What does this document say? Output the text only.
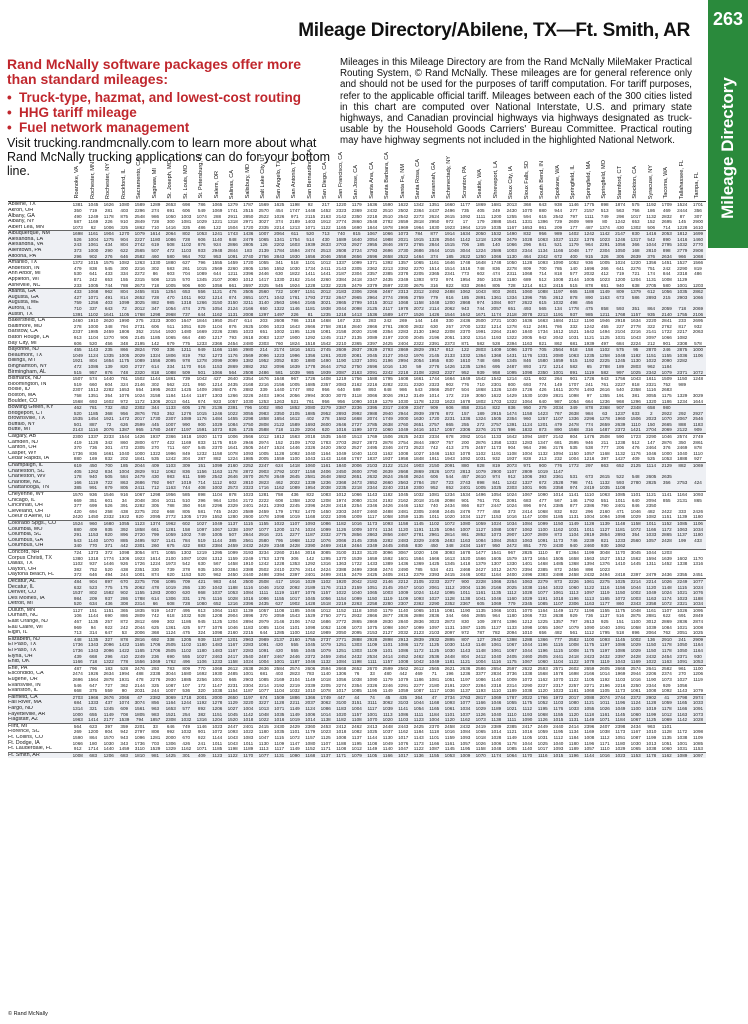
Mileage Directory/Abilene, TX—Ft. Smith, AR
263
Mileage Directory

Rand McNally software packages offer more than standard mileages:

• Truck-type, hazmat, and lowest-cost routing
• HHG tariff mileage
• Fuel network management
Visit trucking.randmcnally.com to learn more about what Rand McNally trucking applications can do for your bottom line.
Mileages in this Mileage Directory are from the Rand McNally MileMaker Practical Routing System, © Rand McNally. These mileages are for general reference only and should not be used for the purposes of tariff computation. For tariff purposes, refer to the applicable official tariff. Mileages between each of the 300 cities listed in this chart are computed over National Interstate, U.S. and primary state highways, and Canadian provincial highways via highways designated as truck-usable by the Household Goods Carriers' Bureau Committee. Practical routing may have highway segments not included in the highlighted National Network.
	Roanoke, VA	Rochester, MN	Rochester, NY	Rockford, IL	Sacramento, CA	Saginaw, MI	St. Joseph, MO	St. Louis, MO	St. Petersburg, FL	Salem, OR	Salinas, CA	Salisbury, MD	Salt Lake City, UT	San Angelo, TX	San Antonio, TX	San Bernardino, CA	San Diego, CA	San Francisco, CA	San Jose, CA	Santa Ana, CA	Santa Barbara, CA	Santa Fe, NM	Santa Rosa, CA	Savannah, GA	Schenectady, NY	Scranton, PA	Seattle, WA	Shreveport, LA	Sioux City, IA	Sioux Falls, SD	South Bend, IN	Spokane, WA	Springfield, IL	Springfield, MA	Springfield, MO	Stamford, CT	Stockton, CA	Syracuse, NY	Tacoma, WA	Tallahassee, FL	Tampa, FL
Abilene, TX	1381	1045	1626	1080	1589	1289	2653	698	786	1065	1279	1787	1569	1625	1198	92	217	1220	1179	1636	1590	1622	1342	1351	1660	1177	1869	1681	2013	368	643	938	1146	1775	898	1874	575	1192	1709	1524	1701
Akron, OH	350	719	281	403	2296	274	691	606	549	1069	1741	2515	2570	454	1747	1448	1452	2323	2369	2432	2510	2502	2364	2437	2496	735	405	249	2430	1070	880	944	277	2157	513	563	756	186	469	2444	356
Albany, GA	490	1249	1178	875	2548	986	1050	1003	1074	288	2911	2850	2522	1026	971	2115	2163	2142	2350	2218	2510	2542	2273	2624	2615	1092	1111	1200	1255	594	615	2542	797	1111	749	298	1017	1132	2832	87	307
Albany, NY	587	1169	226	910	2849	728	300	1081	1029	1221	1318	2971	3027	374	2189	1403	1912	2774	2860	2548	2782	2659	2818	2950	972	17	179	2888	1541	1331	1396	729	2609	989	80	1242	653	152	2695	145	2900
Albert Lea, MN	1073	62	1006	325	1862	710	1416	325	486	122	1504	1720	2335	2214	1213	1071	1122	1165	1690	1844	1978	1969	1964	1830	1923	1964	1219	1035	1167	1653	861	209	177	487	1374	430	1302	506	714	1228	1610
Albuquerque, NM	1698	1161	1904	1270	1079	1614	2064	802	1053	1241	1743	1436	1007	2064	611	520	713	740	815	1067	1066	1073	784	877	1914	1634	2050	1532	1490	832	956	989	1402	1242	1142	2147	830	1416	2053	1812	1699
Alexandria, LA	526	1004	1275	904	2227	1180	1086	728	606	1140	848	2479	1065	1341	1754	514	430	1689	1640	2054	1988	2021	1915	1326	2504	1142	1218	1208	2479	1028	1063	1027	1122	1376	1023	1246	1317	542	890	1416	1460
Alexandria, VA	243	1061	434	804	2742	619	508	1102	876	924	2866	2805	126	2202	1603	1939	2633	2703	2927	2955	2846	2672	2765	2844	1515	706	185	140	1066	296	841	521	1179	964	2291	1056	366	1044	2795	1032	2770
Allentown, PA	373	1000	290	622	2565	507	472	1103	933	2948	2844	183	2139	1784	1594	2474	2513	2608	2724	2793	2696	2730	2686	2644	1015	3044	1224	2586	1003	2344	1134	1166	1048	177	2304	1050	168	2810	898	2779	2908
Altoona, PA	296	902	276	646	2582	460	580	964	702	953	1091	2740	2756	2843	1930	1656	2046	2558	2656	2696	2658	2522	1464	374	185	2622	1250	1066	1130	464	2342	672	400	915	326	305	2639	376	2634	966	1068
Amarillo, TX	1372	1015	1575	1082	1263	1330	1880	627	796	1555	1459	1720	1055	341	518	1101	1012	1337	1099	1371	1392	1357	1065	1161	1646	1748	1648	1748	1050	1128	1093	1090	1052	936	1005	1024	1220	1356	1451	1527	1566
Anderson, IN	479	838	545	300	2216	302	583	261	1015	2569	2260	2805	1256	1552	1030	1734	2411	2143	2305	2362	2213	2392	2270	1514	1514	1516	748	836	2278	809	700	785	140	1696	266	641	2276	751	242	2290	819
Ann Arbor, MI	530	641	433	334	2272	86	603	704	1089	644	1211	2396	2446	630	1822	1411	1441	2187	2304	2357	2385	2378	2205	2365	2341	773	602	474	2311	1068	714	818	577	2032	412	719	721	174	844	2318	486
Appleton, WI	871	242	653	155	2315	508	1215	570	1345	2107	2080	1012	1417	1330	2162	2144	2260	2384	2418	2347	2435	2349	1393	972	974	1954	350	1026	1180	689	512	1008	2144	1005	1023	1200	1204	1131	1008	1129	
Asheville, NC	233	1005	744	788	2673	718	1005	906	600	1056	661	2697	2325	545	1924	1228	1232	2225	2479	2379	2597	2230	2675	316	822	833	2694	805	728	1214	613	2415	515	878	651	940	638	2705	580	1001	1203
Atlanta, GA	433	1068	962	804	2455	815	1254	653	556	1121	476	2505	2560	722	1097	1151	2012	2183	2306	2266	2467	2313	2312	2492	2488	1062	1043	803	2601	1060	1088	1197	665	1188	1149	809	1379	612	1056	1035	2862
Augusta, GA	427	1071	491	814	2652	728	470	1011	902	1214	874	2651	1071	1042	1761	1793	2732	2647	2965	2964	2774	2995	2759	779	816	185	2891	1361	1334	1396	755	2612	878	890	1163	673	586	2893	215	2903	1066
Augusta, ME	759	1256	403	1099	3025	882	985	1318	1266	3150	3150	3211	3140	2563	1964	2165	3021	2865	2799	1015	3012	1068	1158	1048	1200	2868	974	1084	807	2622	615	1032	498	456							
Aurora, IL	710	337	643	72	2012	347	1054	474	275	1054	2124	2166	650	1322	1146	1181	1938	2044	2098	2125	2117	1978	2072	2114	2062	943	744	2057	651	493	565	134	1778	475	858	593	351	864	2059	718	2069
Austin, TX	1391	1102	1641	1105	1768	1298	2968	737	644	1162	1131	2008	1297	1497	226	81	1235	1218	1413	1536	1589	1477	1526	1426	1544	1642	1671	1174	2118	3078	2213	1191	937	985	1211	1768	1157	935	2140	1755	2106
Bakersfield, CA	2460	1910	2620	1990	275	2323	3000	1647	1844	1950	2547	614	203	2608	786	1318	1468	167	233	283	242	269	144	148	330	2436	2500	2721	1030	1636	1663	1684	2112	1190	1946	2918	1634	2220	2841	233	2695
Baltimore, MD	278	1000	348	794	2731	606	511	1051	829	1104	876	2625	1006	1023	1643	2666	2758	2818	2840	2866	2761	2800	2832	630	257	2700	1232	1214	1278	612	2491	786	332	1242	455	227	2778	322	2762	817	932
Barstow, CA	2337	1985	2459	1806	352	2154	1920	1480	1669	2226	2365	1023	651	1002	1195	1126	1081	2158	2020	2198	2354	2283	2130	1962	2208	2370	1991	2264	2160	1840	1734	1612	1521	1642	1494	2104	2216	2141	1722	2217	2063
Baton Rouge, LA	913	1104	1270	906	2145	1185	1065	664	480	1217	793	2618	2083	1237	1900	1292	1245	2117	2135	2089	2197	2200	2045	2196	2051	1302	1314	1193	1322	2005	942	2042	1031	1121	1125	1031	1043	2097	1066	1082	
Bay City, MI	606	520	456	348	2195	142	679	775	1233	2366	2454	2480	2303	760	1824	1518	1542	2210	2365	2397	2425	2404	2322	2391	2373	871	582	528	2394	1163	821	862	681	1939	497	684	2224	212	901	2308	578
Bayonne, NJ	455	1143	235	866	2824	700	336	1211	949	1166	1166	2980	214	2174	1816	1621	2745	2609	2937	2929	2793	2869	2829	2917	812	122	2803	1409	1096	1370	705	2564	918	158	1102	575	95	2870	246	2875	1000
Beaumont, TX	1049	1124	1335	1005	2029	1324	1806	819	752	1273	1176	2569	2096	1223	1996	1356	1261	2020	2081	2045	2127	2042	1976	2145	2133	1332	1354	1368	1431	1176	1331	2080	1063	1235	1258	1048	1182	1151	1155	1036	1106
Billings, MT	1921	804	1654	1175	1089	1556	2095	978	1278	2099	2099	1382	1952	2052	830	1880	1490	1190	1337	1091	2196	2994	2054	1955	830	1610	748	686	1345	846	1580	1659	515	1192	2225	1245	1130	1022	2090	2282	
Binghamton, NY	472	1086	139	820	2727	614	334	1170	916	1153	2869	2882	252	2096	1639	1778	2644	2752	2750	2696	1016	130	59	2776	1426	1235	1294	695	2487	893	172	1214	582	65	2788	189	2803	962	1184		
Birmingham, AL	515	957	876	748	2320	818	1088	509	501	1066	564	2508	2486	581	1039	985	1939	2087	2163	2091	2242	2218	2108	2283	2327	952	939	958	1095	1098	2350	1001	891	1119	582	997	1025	2342	1079	2371	1072
Bismarck, ND	1507	574	1440	761	1502	1144	1861	739	1042	427	2640	2354	1676	1648	967	1726	1408	1219	1756	1588	1795	1608	1661	1744	1664	1849	1542	1542	1214	421	602	264	901	1726	943	1756	1043	1611	1509	1150	1248
Bloomington, IN	519	660	604	324	2146	302	562	221	950	1214	2435	2168	2216	2156	1005	1685	2357	2083	2162	2216	2282	2231	2320	2323	902	776	710	2301	800	693	774	149	1707	241	761	2227	818	2321	752	989	
Boise, ID	2307	1513	2282	1653	554	1995	2633	1425	1409	2683	476	2882	339	1440	1747	892	956	640	589	893	848	986	543	2666	2507	504	1868	1326	1249	1726	426	1611	2078	1493	2616	540	2358	1116	2683		
Boston, MA	758	1351	354	1076	1024	3158	1184	1144	1187	1303	1266	3226	2403	1904	2056	2994	3030	3070	3118	3066	3026	2912	3149	1014	172	219	3050	1622	1429	1530	1039	2821	1098	97	1355	191	381	3055	1175	1329	3029
Boulder, CO	1568	693	1602	972	1172	1306	2013	641	674	923	1057	1030	1253	1263	521	761	956	956	1090	1019	1279	1030	1178	1233	1623	1678	1802	1703	1322	1064	640	987	1054	664	1236	968	1296	1320	1186	1234	1644
Bowling Green, KY	462	781	732	452	2302	344	1133	605	178	2136	2391	796	1002	850	1852	2080	2279	2387	2236	2395	2317	2409	2347	909	606	858	2314	822	836	950	279	2034	349	878	2368	907	2348	658	980		
Bridgeport, CT	520	1185	368	956	2876	763	352	1276	1015	1246	1022	3055	2983	2350	2105	1885	2952	2893	2992	2988	2940	2944	2939	2976	872	157	189	2915	1474	1158	1423	767	2638	984	63	1237	633	2	2922	292	2927
Brownsville, TX	1535	1454	1921	1472	2017	1730	2307	1089	1176	1484	1455	2298	1858	1654	1612	402	278	1582	1668	2074	1749	2000	1630	1720	2231	1336	1324	1505	2354	960	1257	1107	1336	2296	1278	1960	1506	2023	1070	2067	2546
Buffalo, NY	501	887	72	626	2599	445	1007	990	900	1029	1084	2750	2808	2122	1589	1693	2600	2646	2727	2785	2638	2760	2651	2757	865	255	272	2757	1391	1124	1201	479	2478	774	2659	2639	1110	150	2665	888	1183
Butte, MT	2143	1116	2076	1387	955	1780	2487	1197	1591	1073	826	1725	2588	718	1129	2204	620	1016	1199	1072	1060	1049	2416	1017	1057	2306	2276	2178	596	1832	873	890	1568	316	1487	2372	1421	2704	2069	2122	909
Calgary, AB	2300	1337	2233	1544	1426	1937	2366	1618	1920	1173	1006	2566	1012	1812	1563	2018	1535	1640	1513	1769	1506	2625	2433	2334	678	2082	1014	1133	1642	1094	1807	2142	804	1476	2508	590	1723	2290	1046	2574	2749
Camden, NJ	419	1126	342	860	2800	677	422	1169	833	1175	819	2946	2974	152	2109	1702	1783	2703	2827	2873	2878	2754	2844	2807	757	200	2876	1358	1333	1283	1347	681	2595	946	211	1238	512	147	2876	350	2861
Canton, OH	370	736	301	473	2305	270	711	607	545	2370	1641	2505	2447	1524	1446	2326	2420	2502	2527	2495	2346	2473	2523	742	413	275	2457	1173	904	964	296	2176	535	538	777	206	476	2464	376	2469	878
Casper, WY	1736	836	1661	1040	1000	1322	1996	849	1232	1158	1078	1093	1005	1128	1092	1040	1164	1049	1040	1103	1162	1008	1027	1046	1153	1078	1102	1191	1108	1004	1132	1094	1150	1057	1168	1132	1176	1046	1000	1040	1110
Cedar Rapids, IA	880	169	832	202	1841	535	1242	304	287	882	1224	1985	2005	1559	1100	1043	1143	1168	1767	1837	1937	1958	1848	1911	1943	1092	1031	932	1937	828	213	232	1004	1216	397	1427	409	525	1053	1888	927
Champaign, IL	619	450	700	185	2044	409	1103	309	151	1099	2160	2252	2247	624	1418	1060	1161	1840	2006	2103	2122	2124	1903	2150	2091	880	828	819	2073	971	900	776	1772	297	863	652	2125	1114	2129	882	1069
Charleston, SC	405	1262	834	1004	2829	912	1062	836	1156	1163	1178	2872	2903	2792	1037	1158	2406	2450	2600	2790	2639	2668	2869	2826	1073	2813	1079	2900	1107	2809	1019	1147									
Charleston, WV	178	940	505	584	2479	430	983	611	599	2542	2646	2670	2678	2649	2645	2581	2648	2682	2651	2632	2624	2648	2624	606	544	457	2610	974	912	1006	393	2361	531	673	2615	522	548	2605	2635		
Charlotte, NC	166	1119	722	863	2686	792	967	1019	714	1112	602	2810	2823	462	2022	1339	1236	2368	2473	2652	2660	2563	2784	257	723	2743	898	841	1242	1327	672	2528	798	741	1132	593	2780	2825	356	2753	424
Chattanooga, TN	385	991	879	805	2411	712	1163	744	408	1002	2573	2323	1716	1162	1089	1954	2038	2235	2218	2344	2240	2318	2300	952	852	2401	1005	1025	2303	1001	905	2358	974	2419	1035	1108					
Cheyenne, WY	1570	936	1546	916	1067	1298	1956	585	898	1104	878	1023	1281	758	436	822	1083	1012	1066	1143	1182	1045	1032	1081	1234	1534	1496	1054	1024	1067	1090	1014	1141	1110	1063	1085	1101	1121	1141	1164	1093
Chicago, IL	669	351	601	34	2048	304	1011	510	296	964	1204	2172	2222	608	1358	1202	1208	1974	2080	2134	2192	2162	2018	2146	2098	901	761	701	2091	683	477	567	146	1792	551	1011	640	2094	855	2131	865
Cincinnati, OH	377	699	526	391	2282	305	788	350	918	2296	2329	2401	2421	2393	2245	2396	2428	2418	2254	2346	2426	2446	1152	740	2434	866	827	2447	1024	896	974	2385	877	2386	790	2401	846	2350			
Cleveland, OH	420	694	258	438	2275	202	668	805	581	745	2420	2589	2459	179	1792	1470	1450	2303	2407	2460	2488	2481	2305	2468	2445	2476	777	458	373	2414	1068	832	922	296	2160	471	1046	482	2422	333	2426
Coeur d'Alene, ID	2420	1450	2332	1922	820	2095	2772	1305	1729	1552	1280	2600	1078	1098	1019	1168	1022	1095	1009	1117	1058	1059	1135	1011	1020	1034	1127	1153	1016	1147	1008	1185	1131	1004	1094	1098	1029	1082	1151	1139	1180
Colorado Spgs., CO	1524	960	1680	1055	1123	1374	1962	602	1027	1049	1137	1115	1155	1022	1107	1093	1086	1182	1016	1173	1093	1158	1145	1102	1072	1080	1059	1024	1034	1084	1099	1150	1149	1128	1139	1148	1158	1011	1152	1085	1106
Columbia, MO	880	409	935	392	1858	661	1281	158	1097	1067	1238	1097	1077	1200	1174	1024	1099	1126	1009	1074	1134	1120	1191	1125	1094	1007	1127	1088	1057	1062	1100	1162	1031	1011	1127	1181	1072	1166	1172	1063	1034
Columbia, SC	291	1153	820	896	2720	799	1059	1002	749	1005	507	2844	2916	221	2277	1187	2332	2775	2856	2863	2856	2487	2781	2961	2814	861	2852	1073	2907	1207	2809	873	1104	2819	2854	2893	354	1033	2865	1137	1180
Columbus, GA	543	1140	1070	885	2495	927	1141	784	519	1144	385	2561	2580	795	1968	1122	1076	2066	2145	2355	2282	2483	2329	2405	2483	1163	1084	1084	2553	1063	1091	1173	746	2239	821	1233	2560	1057	2428	199	433
Columbus, OH	340	770	371	442	2301	260	675	422	883	2384	2459	2432	2429	2348	2428	2390	2469	2418	2464	2349	2445	2455	830	450	348	2434	1167	950	2472	851	770	2430	940	2460	930	1062					
Concord, NH	724	1373	372	1098	3054	871	1055	1302	1219	1295	1099	3193	3234	2260	2184	3016	3085	3100	3133	3120	3096	3067	1020	108	3093	1678	1477	1541	967	2825	1110	87	1364	1199	3048	1170	3045	1044	1203		
Corpus Christi, TX	1380	1318	1774	1306	1923	1614	2100	1087	1028	1312	1159	2249	1753	1378	306	142	1295	1370	1539	1659	1592	1601	1584	1666	1613	1520	1566	1605	1579	1573	1654	1505	1658	1563	1527	1512	1562	1594	1639	1602	1170
Dallas, TX	1102	937	1446	926	1726	1224	1973	542	630	567	1458	1910	1242	1228	1353	1292	1316	1363	1722	1433	1389	1436	1369	1425	1345	1418	1379	1307	1330	1401	1468	1485	1368	1394	1376	1410	1445	1311	1452	1338	1316
Dayton, OH	382	752	520	438	2351	330	739	378	935	1004	2384	2388	2502	2410	2376	2414	2424	2388	2499	2368	2474	2490	785	534	421	2468	2427	1012	2470	2394	2385	872	2456	898	1023						
Daytona Beach, FL	372	646	494	244	1001	874	620	1153	520	962	2450	2440	2498	2394	2397	2401	2499	2415	2479	2425	2405	2413	2379	2393	2415	2446	1002	1164	2400	2496	2383	2488	2458	2432	2494	2418	2397	2479	2436	2355	2451
Decatur, AL	484	904	897	670	2275	708	1095	709	421	983	444	2500	2508	417	1916	1029	1102	1920	2042	2182	2146	2212	2105	2233	2277	900	2228	1066	2254	1063	2279	873	2226	1061	2275	1025	2214	2214	1026	2249	1077
Decatur, IL	632	523	775	175	2062	478	1019	255	130	1042	1188	1116	1046	2102	2092	2189	1176	2113	2159	1051	2145	2047	1010	2061	1112	2004	1136	2166	2025	1038	1164	1022	1060	1122	1116	1156	1044	1120	1148	1115	1024
Denver, CO	1537	802	1582	902	1155	1283	2000	620	868	1037	1053	1084	1111	1119	1187	1076	1157	1022	1040	1065	1003	1009	1024	1142	1095	1011	1161	1135	1112	1028	1077	1061	1113	1097	1119	1150	1002	1049	1024	1021	1076
Des Moines, IA	984	209	937	286	1788	614	1306	331	176	1116	1028	1016	1086	1155	1017	1045	1056	1154	1099	1150	1119	1109	1093	1027	1128	1138	1041	1046	1160	1029	1191	1018	1196	1113	1165	1072	1003	1163	1174	1023	1188
Detroit, MI	520	634	436	308	2314	66	608	728	1080	652	1216	2396	2435	627	1902	1428	1518	2219	2263	2258	2280	2307	2362	2290	2352	2367	605	1069	779	2345	1085	1107	2306	1163	1177	860	2343	2358	1072	2321	1034
Duluth, MN	1127	151	1151	365	1835	919	1437	495	613	1064	1163	1139	1057	1108	1185	1046	1012	1152	1118	1050	1179	1140	1065	1015	1081	1190	1135	1066	1031	1070	1164	1149	1172	1198	1155	1175	1048	1161	1107	1026	1095
Durham, NC	106	1144	690	886	2809	742	618	1032	928	1208	2904	2896	370	2059	1543	1529	2750	2771	2932	2866	2877	2836	2898	2836	344	666	2855	964	1180	1066	733	2638	929	736	1137	516	2875	2881	622	691	2849
East Orange, NJ	467	1135	257	872	2812	699	302	1186	945	1125	1204	2894	2979	2146	2106	1742	1686	2772	2865	2869	2830	2840	2836	3023	2873	830	109	2874	1396	1212	1225	1357	797	2613	925	151	1100	3012	2869	2836	2874
Eau Claire, WI	969	94	922	242	2044	625	1361	425	577	1076	1046	1183	1085	1104	1101	1098	1052	1108	1073	1075	1098	1067	1099	1097	1131	1087	1105	1127	1133	1098	1055	1067	1079	1090	1040	1091	1058	1039	1084	1021	1008
Elgin, IL	713	314	647	53	2006	368	1124	475	324	1098	2160	2215	644	1285	1100	1162	1989	2050	2095	2153	2127	2032	2123	2103	2097	972	787	782	2094	1010	656	482	561	1112	1795	518	896	2064	762	2051	1025
Elizabeth, NJ	448	1135	327	878	2816	692	338	1205	939	1187	1201	2963	2989	2137	2160	1755	2737	2771	2888	2928	2898	2913	2839	2932	2895	807	127	2942	1398	1288	1366	777	2582	1100	1093	1145	1002	136	2910	241	2909
El Paso, TX	1736	1343	2096	1422	1165	1706	2505	1102	1180	1483	1167	2283	1091	420	555	1045	1079	1251	1303	1109	1101	1086	1172	1125	1030	1143	1148	1061	1067	1044	1196	1115	1008	1175	1197	1086	1029	1150	1178	1050	1164
El Paso, TX	1736	1343	2096	1422	1165	1706	2505	1102	1180	1483	1167	2283	1091	420	555	1045	1079	1251	1303	1109	1101	1086	1172	1125	1030	1143	1148	1061	1067	1044	1196	1115	1008	1175	1197	1086	1029	1150	1178	1050	1164
Elyria, OH	439	668	296	410	2249	236	690	555	1027	2463	2417	2540	2487	2467	2446	2372	2459	2454	2432	2534	2414	2452	2462	2536	2448	804	2412	1040	2405	2460	2505	2441	2418	2423	2432	2397	2428	2432	2454	2371	930
Enid, OK	1166	718	1322	778	1556	1069	1762	496	1106	1233	1158	1024	1004	1001	1187	1046	1132	1084	1198	1111	1157	1008	1042	1049	1181	1121	1004	1116	1175	1067	1060	1104	1122	1078	1119	1043	1169	1022	1163	1091	1053
Erie, PA	487	796	183	528	2476	293	783	809	770	1068	2612	2638	2636	2584	2574	2606	2594	2668	2652	2670	2599	2562	2612	2565	2621	2636	2586	2654	2597	2622	2593	2571	2602	2659	2605	2668	2574	2641	2582	961	1100
Escondido, CA	2474	1926	2634	1994	488	2338	3044	1680	1692	1930	2485	1001	681	403	2823	783	1140	1306	76	33	480	442	469	71	196	1236	3377	2834	3736	1338	1568	1578	1698	2166	1014	1969	2944	2206	2374	270	1206
Eugene, OR	2696	1564	2878	1931	478	2276	2930	1885	2256	1001	665	2903	1085	2169	2104	1149	1018	1056	1038	1090	1179	1079	1186	1081	1051	1197	1086	1140	1009	1072	1162	1070	1122	1105	1192	1103	1016	1190	1073	1027	1119
Evansville, IN	546	647	727	362	2144	325	1087	107	172	1147	2231	2304	2214	2192	2219	2339	2205	2274	2354	2326	2246	2291	2277	2180	2191	2207	2284	2318	2314	2290	2227	2317	2257	2271	2196	2216	2250	2344	929	1056	
Evanston, IL	668	375	559	90	2031	244	1007	536	320	1038	1154	1187	1077	1104	1032	1010	1078	1017	1085	1195	1149	1059	1087	1117	1036	1137	1193	1110	1189	1038	1120	1023	1181	1068	1105	1173	1061	1008	1092	1143	1079
Fairfield, CA	2703	1966	2676	2066	47	2382	3069	1718	2001	2000	2650	1197	674	1509	1886	1366	1749	447	44	74	45	435	364	47	2734	2763	2817	1069	1787	2022	1766	1972	2017	2088	2074	2744	2372	2902	41	2798	2974
Fall River, MA	684	1333	437	1074	3074	856	1164	1244	1192	1278	1129	3220	3227	1128	2211	2037	3062	3100	3151	3111	3062	3103	1044	1168	1093	1077	1166	1046	1055	1175	1052	1103	1080	1121	1011	1196	1124	1128	1059	1165	1033
Fargo, ND	1314	321	1245	609	1561	963	1653	577	892	1206	1027	1004	1013	1071	1149	1124	1086	1183	1004	1117	1039	1141	1054	1165	1061	1034	1029	1189	1021	1112	1195	1176	1033	1055	1026	1049	1100	1019	1178	1166	1091
Fayetteville, AR	1000	655	1149	708	1805	983	1521	254	382	1151	1045	1142	1048	1035	1149	1006	1014	1020	1157	1001	1113	1086	1111	1184	1101	1037	1126	1040	1110	1193	1068	1155	1120	1118	1161	1145	1060	1199	1012	1163	1073
Flagstaff, AZ	1963	1414	2177	1539	794	1857	2308	1032	1316	1204	1520	1018	1022	1016	1019	1014	1138	1182	1108	1070	1020	1103	1123	1004	1120	1162	1073	1138	1111	1090	1126	1015	1131	1149	1071	1184	1067	1125	1069	1142	1028
Flint, MI	564	623	397	359	2201	33	646	749	1146	1023	2447	2401	2415	2430	2429	2360	2453	2412	2462	2413	2448	2443	2425	2370	2458	2432	2419	2389	2385	2417	2449	2440	2414	2396	2407	2398	2434	963	1101		
Florence, SC	269	1200	804	942	2797	808	992	1032	901	1072	1093	1022	1180	1035	1101	1179	1023	1018	1082	1025	1037	1162	1184	1118	1016	1084	1065	1014	1121	1016	1059	1195	1134	1169	1038	1173	1167	1010	1128	1172	1098
Ft. Collins, CO	1590	864	1570	943	1096	1281	2000	670	922	1144	1043	1083	1047	1115	1072	1157	1125	1008	1137	1144	1130	1017	1143	1101	1159	1093	1018	1028	1149	1105	1031	1112	1184	1008	1112	1051	1087	1199	1135	1038	1109
Ft. Dodge, IA	1066	180	1030	343	1736	703	1306	426	241	1011	1043	1011	1130	1109	1147	1080	1107	1188	1195	1108	1049	1076	1173	1166	1161	1057	1026	1006	1178	1044	1025	1040	1180	1196	1171	1180	1030	1013	1051	1001	1085
Ft. Lauderdale, FL	912	1714	1440	1459	3110	1529	1329	1162	1071	1185	1198	1189	1113	1117	1149	1152	1171	1108	1012	1149	1140	1047	1122	1087	1145	1195	1158	1048	1085	1140	1017	1093	1189	1057	1110	1029	1065	1038	1060	1031	1153
Ft. Smith, AR	1008	683	1206	683	1810	981	1425	301	409	1123	1122	1170	1077	1131	1090	1168	1137	1171	1079	1105	1166	1017	1136	1155	1053	1009	1070	1174	1064	1170	1116	1015	1196	1144	1016	1023	1153	1178	1162	1089	1097
© Rand McNally
